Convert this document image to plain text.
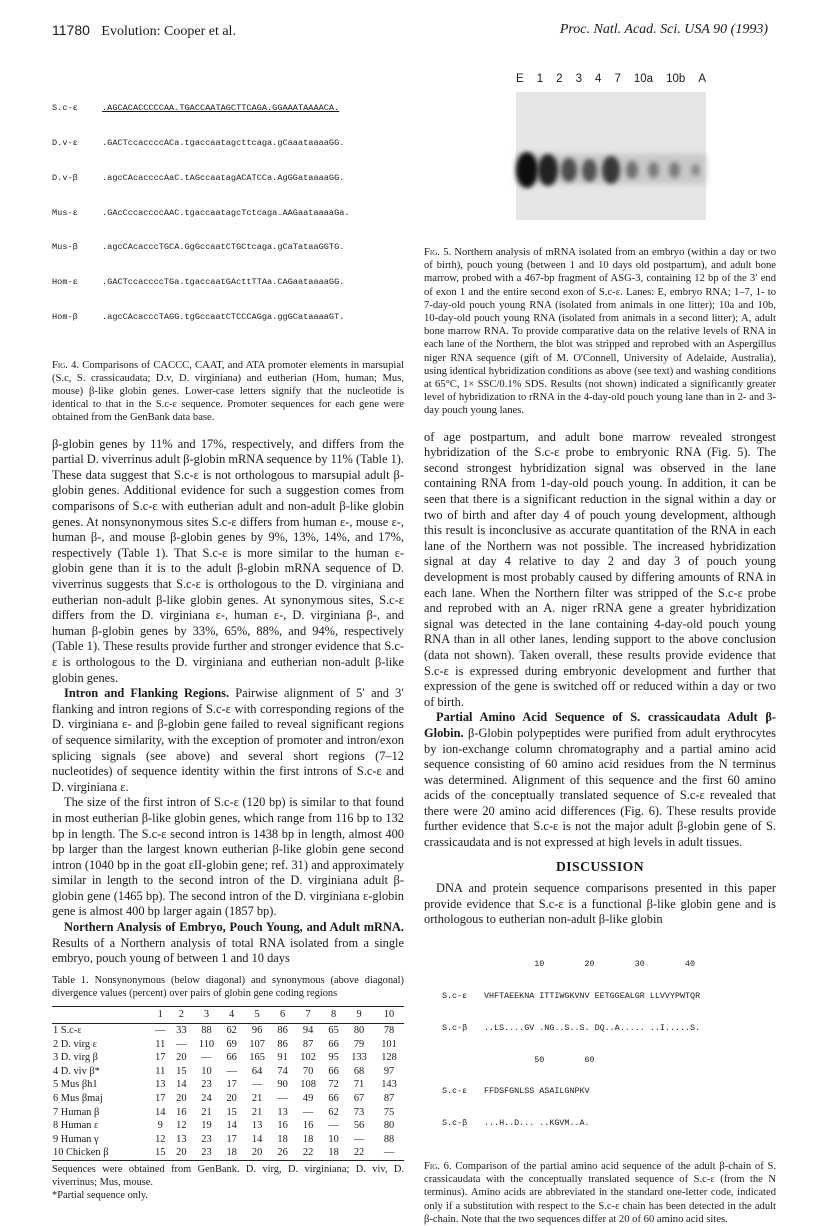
11780 Evolution: Cooper et al.	Proc. Natl. Acad. Sci. USA 90 (1993)

S.c-ε	.AGCACACCCCCAA.TGACCAATAGCTTCAGA.GGAAATAAAACA.

D.v-ε	.GACTccaccccACa.tgaccaatagcttcaga.gCaaataaaaGG.

D.v-β	.agcCAcaccccAaC.tAGccaatagACATCCa.AgGGataaaaGG.

Mus-ε	.GAcCccaccccAAC.tgaccaatagcTctcaga.AAGaataaaaGa.

Mus-β	.agcCAcacccTGCA.GgGccaatCTGCtcaga.gCaTataaGGTG.

Hom-ε	.GACTccaccccTGa.tgaccaatGActtTTAa.CAGaataaaaGG.

Hom-β	.agcCAcacccTAGG.tgGccaatCTCCCAGga.ggGCataaaaGT.

Fig. 4. Comparisons of CACCC, CAAT, and ATA promoter elements in marsupial (S.c, S. crassicaudata; D.v, D. virginiana) and eutherian (Hom, human; Mus, mouse) β-like globin genes. Lower-case letters signify that the nucleotide is identical to that in the S.c-ε sequence. Promoter sequences for each gene were obtained from the GenBank data base.

β-globin genes by 11% and 17%, respectively, and differs from the partial D. viverrinus adult β-globin mRNA sequence by 11% (Table 1). These data suggest that S.c-ε is not orthologous to marsupial adult β-globin genes. Additional evidence for such a suggestion comes from comparisons of S.c-ε with eutherian adult and non-adult β-like globin genes. At nonsynonymous sites S.c-ε differs from human ε-, mouse ε-, human β-, and mouse β-globin genes by 9%, 13%, 14%, and 17%, respectively (Table 1). That S.c-ε is more similar to the human ε-globin gene than it is to the adult β-globin mRNA sequence of D. viverrinus suggests that S.c-ε is orthologous to the D. virginiana and eutherian non-adult β-like globin genes. At synonymous sites, S.c-ε differs from the D. virginiana ε-, human ε-, D. virginiana β-, and human β-globin genes by 33%, 65%, 88%, and 94%, respectively (Table 1). These results provide further and stronger evidence that S.c-ε is orthologous to the D. virginiana and eutherian non-adult β-like globin genes.

Intron and Flanking Regions. Pairwise alignment of 5′ and 3′ flanking and intron regions of S.c-ε with corresponding regions of the D. virginiana ε- and β-globin gene failed to reveal significant regions of sequence similarity, with the exception of promoter and intron/exon splicing signals (see above) and several short regions (7–12 nucleotides) of sequence identity within the first introns of S.c-ε and D. virginiana ε.

The size of the first intron of S.c-ε (120 bp) is similar to that found in most eutherian β-like globin genes, which range from 116 bp to 132 bp in length. The S.c-ε second intron is 1438 bp in length, almost 400 bp larger than the largest known eutherian β-like globin gene second intron (1040 bp in the goat εII-globin gene; ref. 31) and approximately similar in length to the second intron of the D. virginiana adult β-globin gene (1465 bp). The second intron of the D. virginiana ε-globin gene is almost 400 bp larger again (1857 bp).

Northern Analysis of Embryo, Pouch Young, and Adult mRNA. Results of a Northern analysis of total RNA isolated from a single embryo, pouch young of between 1 and 10 days

Table 1. Nonsynonymous (below diagonal) and synonymous (above diagonal) divergence values (percent) over pairs of globin gene coding regions

	1	2	3	4	5	6	7	8	9	10
1 S.c-ε	—	33	88	62	96	86	94	65	80	78
2 D. virg ε	11	—	110	69	107	86	87	66	79	101
3 D. virg β	17	20	—	66	165	91	102	95	133	128
4 D. viv β*	11	15	10	—	64	74	70	66	68	97
5 Mus βh1	13	14	23	17	—	90	108	72	71	143
6 Mus βmaj	17	20	24	20	21	—	49	66	67	87
7 Human β	14	16	21	15	21	13	—	62	73	75
8 Human ε	9	12	19	14	13	16	16	—	56	80
9 Human γ	12	13	23	17	14	18	18	10	—	88
10 Chicken β	15	20	23	18	20	26	22	18	22	—

Sequences were obtained from GenBank. D. virg, D. virginiana; D. viv, D. viverrinus; Mus, mouse.

*Partial sequence only.

E 1 2 3 4 7 10a 10b A

Fig. 5. Northern analysis of mRNA isolated from an embryo (within a day or two of birth), pouch young (between 1 and 10 days old postpartum), and adult bone marrow, probed with a 467-bp fragment of ASG-3, containing 12 bp of the 3′ end of exon 1 and the entire second exon of S.c-ε. Lanes: E, embryo RNA; 1–7, 1- to 7-day-old pouch young RNA (isolated from animals in one litter); 10a and 10b, 10-day-old pouch young RNA (isolated from animals in a second litter); A, adult bone marrow RNA. To provide comparative data on the relative levels of RNA in each lane of the Northern, the blot was stripped and reprobed with an Aspergillus niger RNA sequence (gift of M. O'Connell, University of Adelaide, Australia), using identical hybridization conditions as above (see text) and washing conditions at 65°C, 1× SSC/0.1% SDS. Results (not shown) indicated a significantly greater level of hybridization to rRNA in the 4-day-old pouch young lane than in 2- and 3-day pouch young lanes.

of age postpartum, and adult bone marrow revealed strongest hybridization of the S.c-ε probe to embryonic RNA (Fig. 5). The second strongest hybridization signal was observed in the lane containing RNA from 1-day-old pouch young. In addition, it can be seen that there is a significant reduction in the signal within a day or two of birth and after day 4 of pouch young development, although this result is inconclusive as accurate quantitation of the RNA in each lane of the Northern was not possible. The increased hybridization signal at day 4 relative to day 2 and day 3 of pouch young development is most probably caused by differing amounts of RNA in each lane. When the Northern filter was stripped of the S.c-ε probe and reprobed with an A. niger rRNA gene a greater hybridization signal was detected in the lane containing 4-day-old pouch young RNA than in all other lanes, lending support to the above conclusion (data not shown). Taken overall, these results provide evidence that S.c-ε is expressed during embryonic development and further that expression of the gene is switched off or reduced within a day or two of birth.

Partial Amino Acid Sequence of S. crassicaudata Adult β-Globin. β-Globin polypeptides were purified from adult erythrocytes by ion-exchange column chromatography and a partial amino acid sequence consisting of 60 amino acid residues from the N terminus was determined. Alignment of this sequence and the first 60 amino acids of the conceptually translated sequence of S.c-ε revealed that there were 20 amino acid differences (Fig. 6). These results provide further evidence that S.c-ε is not the major adult β-globin gene of S. crassicaudata and is not expressed at high levels in adult tissues.

DISCUSSION

DNA and protein sequence comparisons presented in this paper provide evidence that S.c-ε is a functional β-like globin gene and is orthologous to eutherian non-adult β-like globin

10        20        30        40

S.c-ε VHFTAEEKNA ITTIWGKVNV EETGGEALGR LLVVYPWTQR

S.c-β ..LS....GV .NG..S..S. DQ..A..... ..I.....S.

50        60

S.c-ε FFDSFGNLSS ASAILGNPKV

S.c-β ...H..D... ..KGVM..A.

Fig. 6. Comparison of the partial amino acid sequence of the adult β-chain of S. crassicaudata with the conceptually translated sequence of S.c-ε (from the N terminus). Amino acids are abbreviated in the standard one-letter code, indicated only if a substitution with respect to the S.c-ε chain has been detected in the adult β-chain. Note that the two sequences differ at 20 of 60 amino acid sites.
